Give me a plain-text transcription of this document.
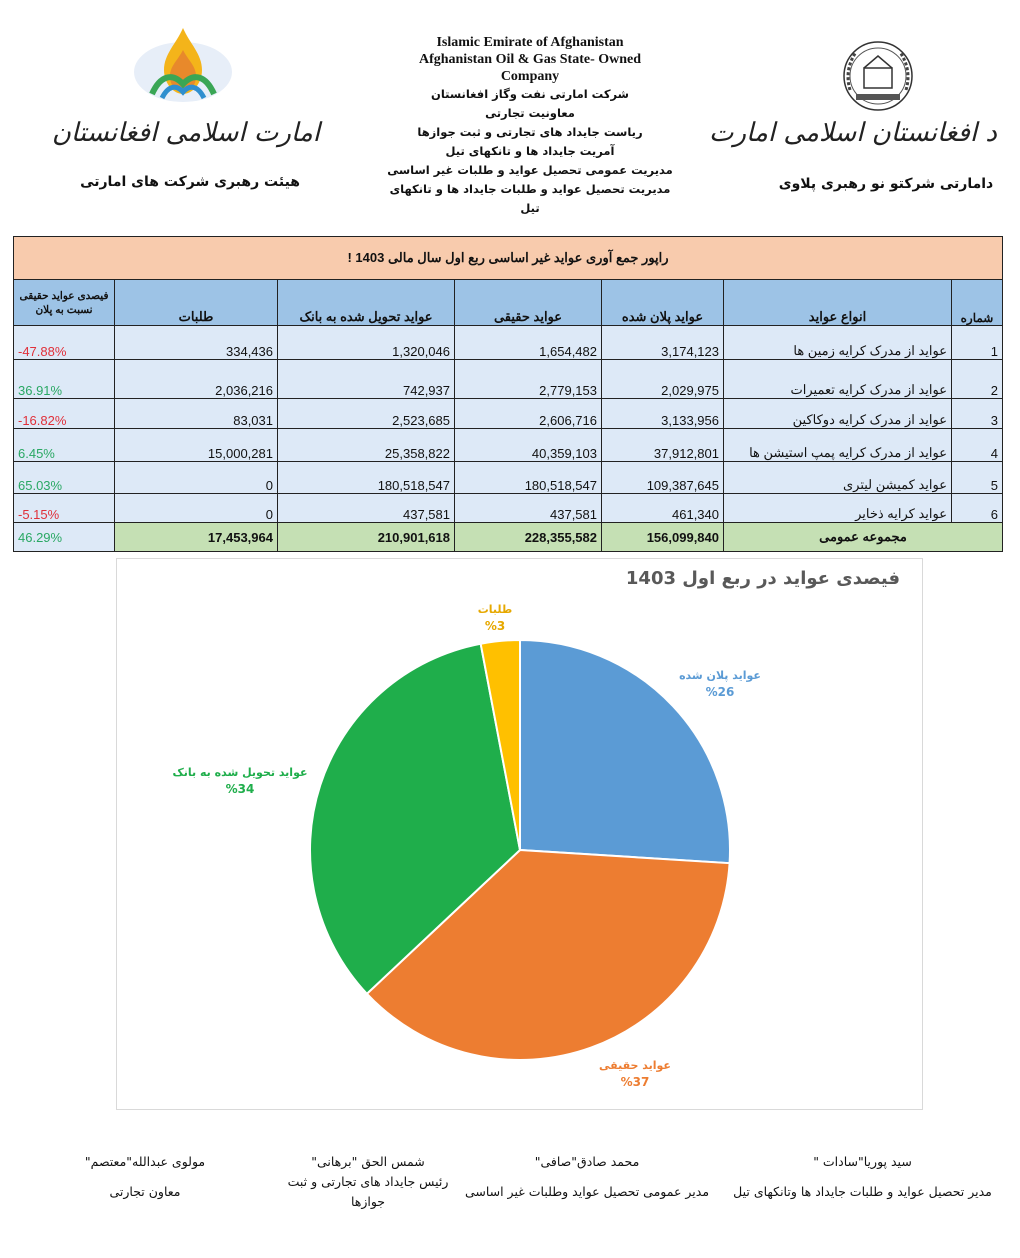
امارت اسلامی افغانستان
هیئت رهبری شرکت های امارتی
Islamic Emirate of Afghanistan
Afghanistan Oil & Gas State- Owned
Company
شرکت امارتی نفت وگاز افغانستان
معاونیت تجارتی
ریاست جایداد های تجارتی و ثبت جوازها
آمریت جایداد ها و تانکهای تیل
مدیریت عمومی تحصیل عواید و طلبات غیر اساسی
مدیریت تحصیل عواید و طلبات جایداد ها و تانکهای تیل
د افغانستان اسلامی امارت
دامارتی شرکتو نو رهبری پلاوی
راپور جمع آوری عواید غیر اساسی ربع اول سال مالی 1403 !						
فیصدی عواید حقیقی
نسبت به پلان	طلبات	عواید تحویل شده به بانک	عواید حقیقی	عواید پلان شده	انواع عواید	شماره
-47.88%	334,436	1,320,046	1,654,482	3,174,123	عواید از مدرک کرایه زمین ها	1
36.91%	2,036,216	742,937	2,779,153	2,029,975	عواید از مدرک کرایه تعمیرات	2
-16.82%	83,031	2,523,685	2,606,716	3,133,956	عواید از مدرک کرایه دوکاکین	3
6.45%	15,000,281	25,358,822	40,359,103	37,912,801	عواید از مدرک کرایه پمپ استیشن ها	4
65.03%	0	180,518,547	180,518,547	109,387,645	عواید کمیشن لیتری	5
-5.15%	0	437,581	437,581	461,340	عواید کرایه ذخایر	6
46.29%	17,453,964	210,901,618	228,355,582	156,099,840	مجموعه عمومی	
فیصدی عواید در ربع اول 1403
عواید پلان شده
%26
عواید حقیقی
%37
عواید تحویل شده به بانک
%34
طلبات
%3
سید پوریا"سادات "
مدیر تحصیل عواید و طلبات جایداد ها وتانکهای تیل
محمد صادق"صافی"
مدیر عمومی تحصیل عواید وطلبات غیر اساسی
شمس الحق "برهانی"
رئیس جایداد های تجارتی و ثبت جوازها
مولوی عبدالله"معتصم"
معاون تجارتی
